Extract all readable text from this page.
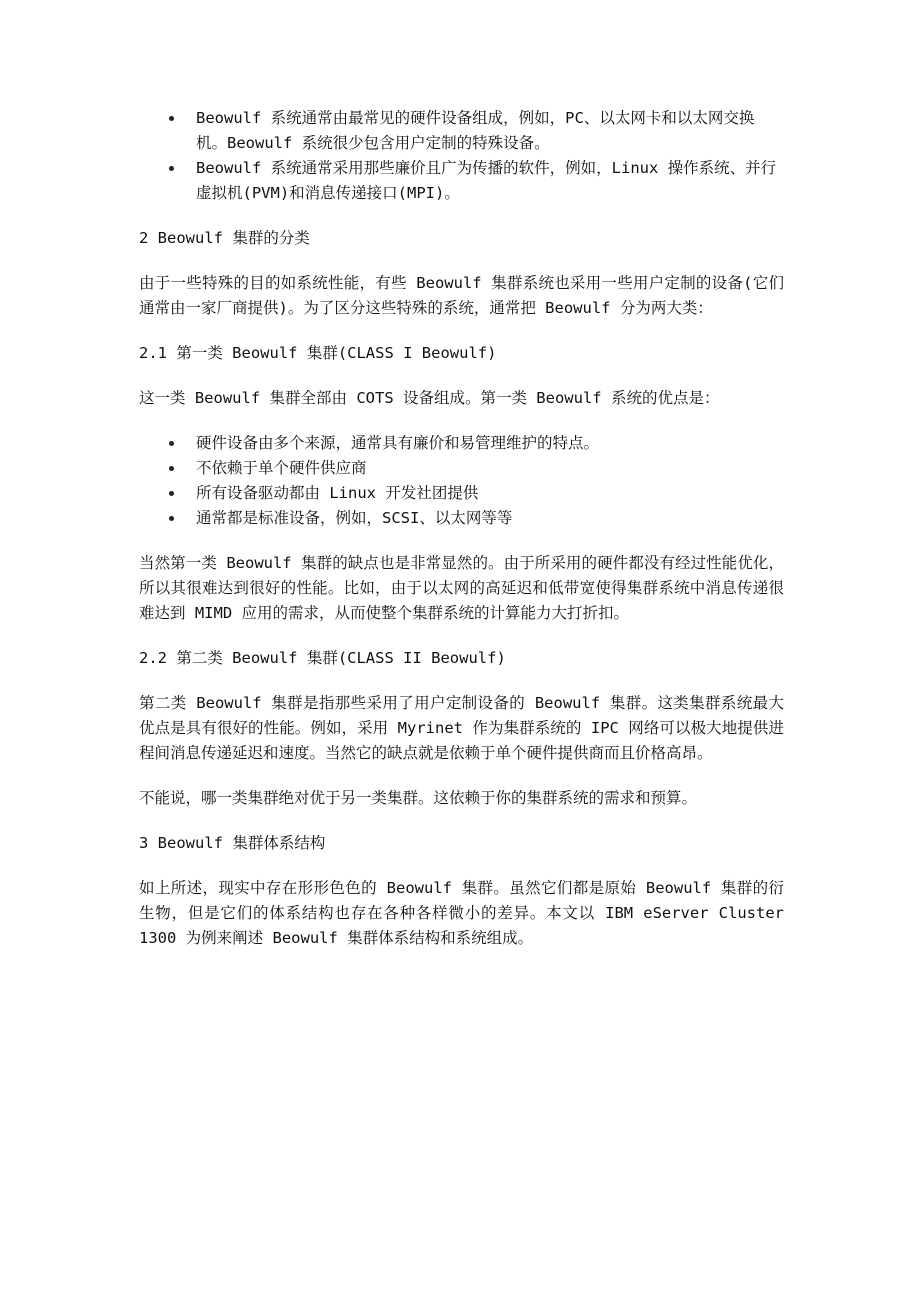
Beowulf 系统通常由最常见的硬件设备组成，例如，PC、以太网卡和以太网交换机。Beowulf 系统很少包含用户定制的特殊设备。
Beowulf 系统通常采用那些廉价且广为传播的软件，例如，Linux 操作系统、并行虚拟机(PVM)和消息传递接口(MPI)。

2 Beowulf 集群的分类

由于一些特殊的目的如系统性能，有些 Beowulf 集群系统也采用一些用户定制的设备(它们通常由一家厂商提供)。为了区分这些特殊的系统，通常把 Beowulf 分为两大类：

2.1 第一类 Beowulf 集群(CLASS I Beowulf)

这一类 Beowulf 集群全部由 COTS 设备组成。第一类 Beowulf 系统的优点是：

硬件设备由多个来源，通常具有廉价和易管理维护的特点。
不依赖于单个硬件供应商
所有设备驱动都由 Linux 开发社团提供
通常都是标准设备，例如，SCSI、以太网等等

当然第一类 Beowulf 集群的缺点也是非常显然的。由于所采用的硬件都没有经过性能优化，所以其很难达到很好的性能。比如，由于以太网的高延迟和低带宽使得集群系统中消息传递很难达到 MIMD 应用的需求，从而使整个集群系统的计算能力大打折扣。

2.2 第二类 Beowulf 集群(CLASS II Beowulf)

第二类 Beowulf 集群是指那些采用了用户定制设备的 Beowulf 集群。这类集群系统最大优点是具有很好的性能。例如，采用 Myrinet 作为集群系统的 IPC 网络可以极大地提供进程间消息传递延迟和速度。当然它的缺点就是依赖于单个硬件提供商而且价格高昂。

不能说，哪一类集群绝对优于另一类集群。这依赖于你的集群系统的需求和预算。

3 Beowulf 集群体系结构

如上所述，现实中存在形形色色的 Beowulf 集群。虽然它们都是原始 Beowulf 集群的衍生物，但是它们的体系结构也存在各种各样微小的差异。本文以 IBM eServer Cluster 1300 为例来阐述 Beowulf 集群体系结构和系统组成。
